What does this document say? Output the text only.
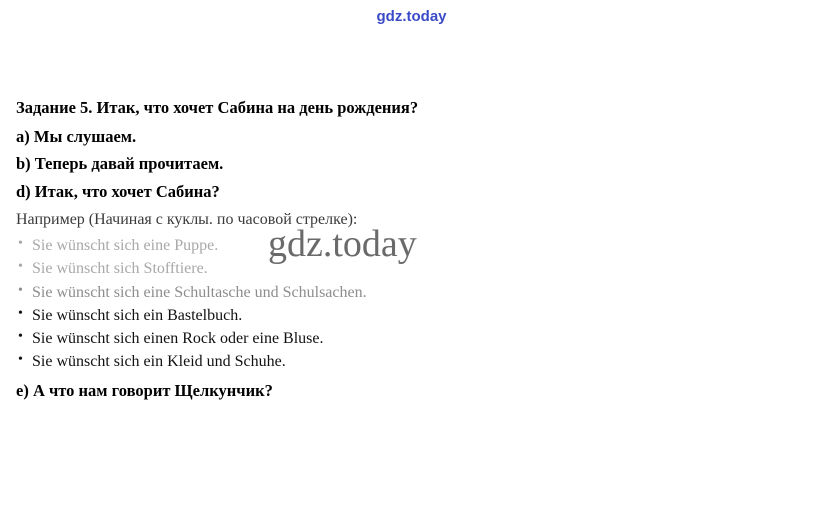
gdz.today

Задание 5. Итак, что хочет Сабина на день рождения?

a) Мы слушаем.

b) Теперь давай прочитаем.

d) Итак, что хочет Сабина?

Например (Начиная с куклы. по часовой стрелке):

• Sie wünscht sich eine Puppe.
• Sie wünscht sich Stofftiere.
• Sie wünscht sich eine Schultasche und Schulsachen.
• Sie wünscht sich ein Bastelbuch.
• Sie wünscht sich einen Rock oder eine Bluse.
• Sie wünscht sich ein Kleid und Schuhe.

e) А что нам говорит Щелкунчик?

gdz.today
